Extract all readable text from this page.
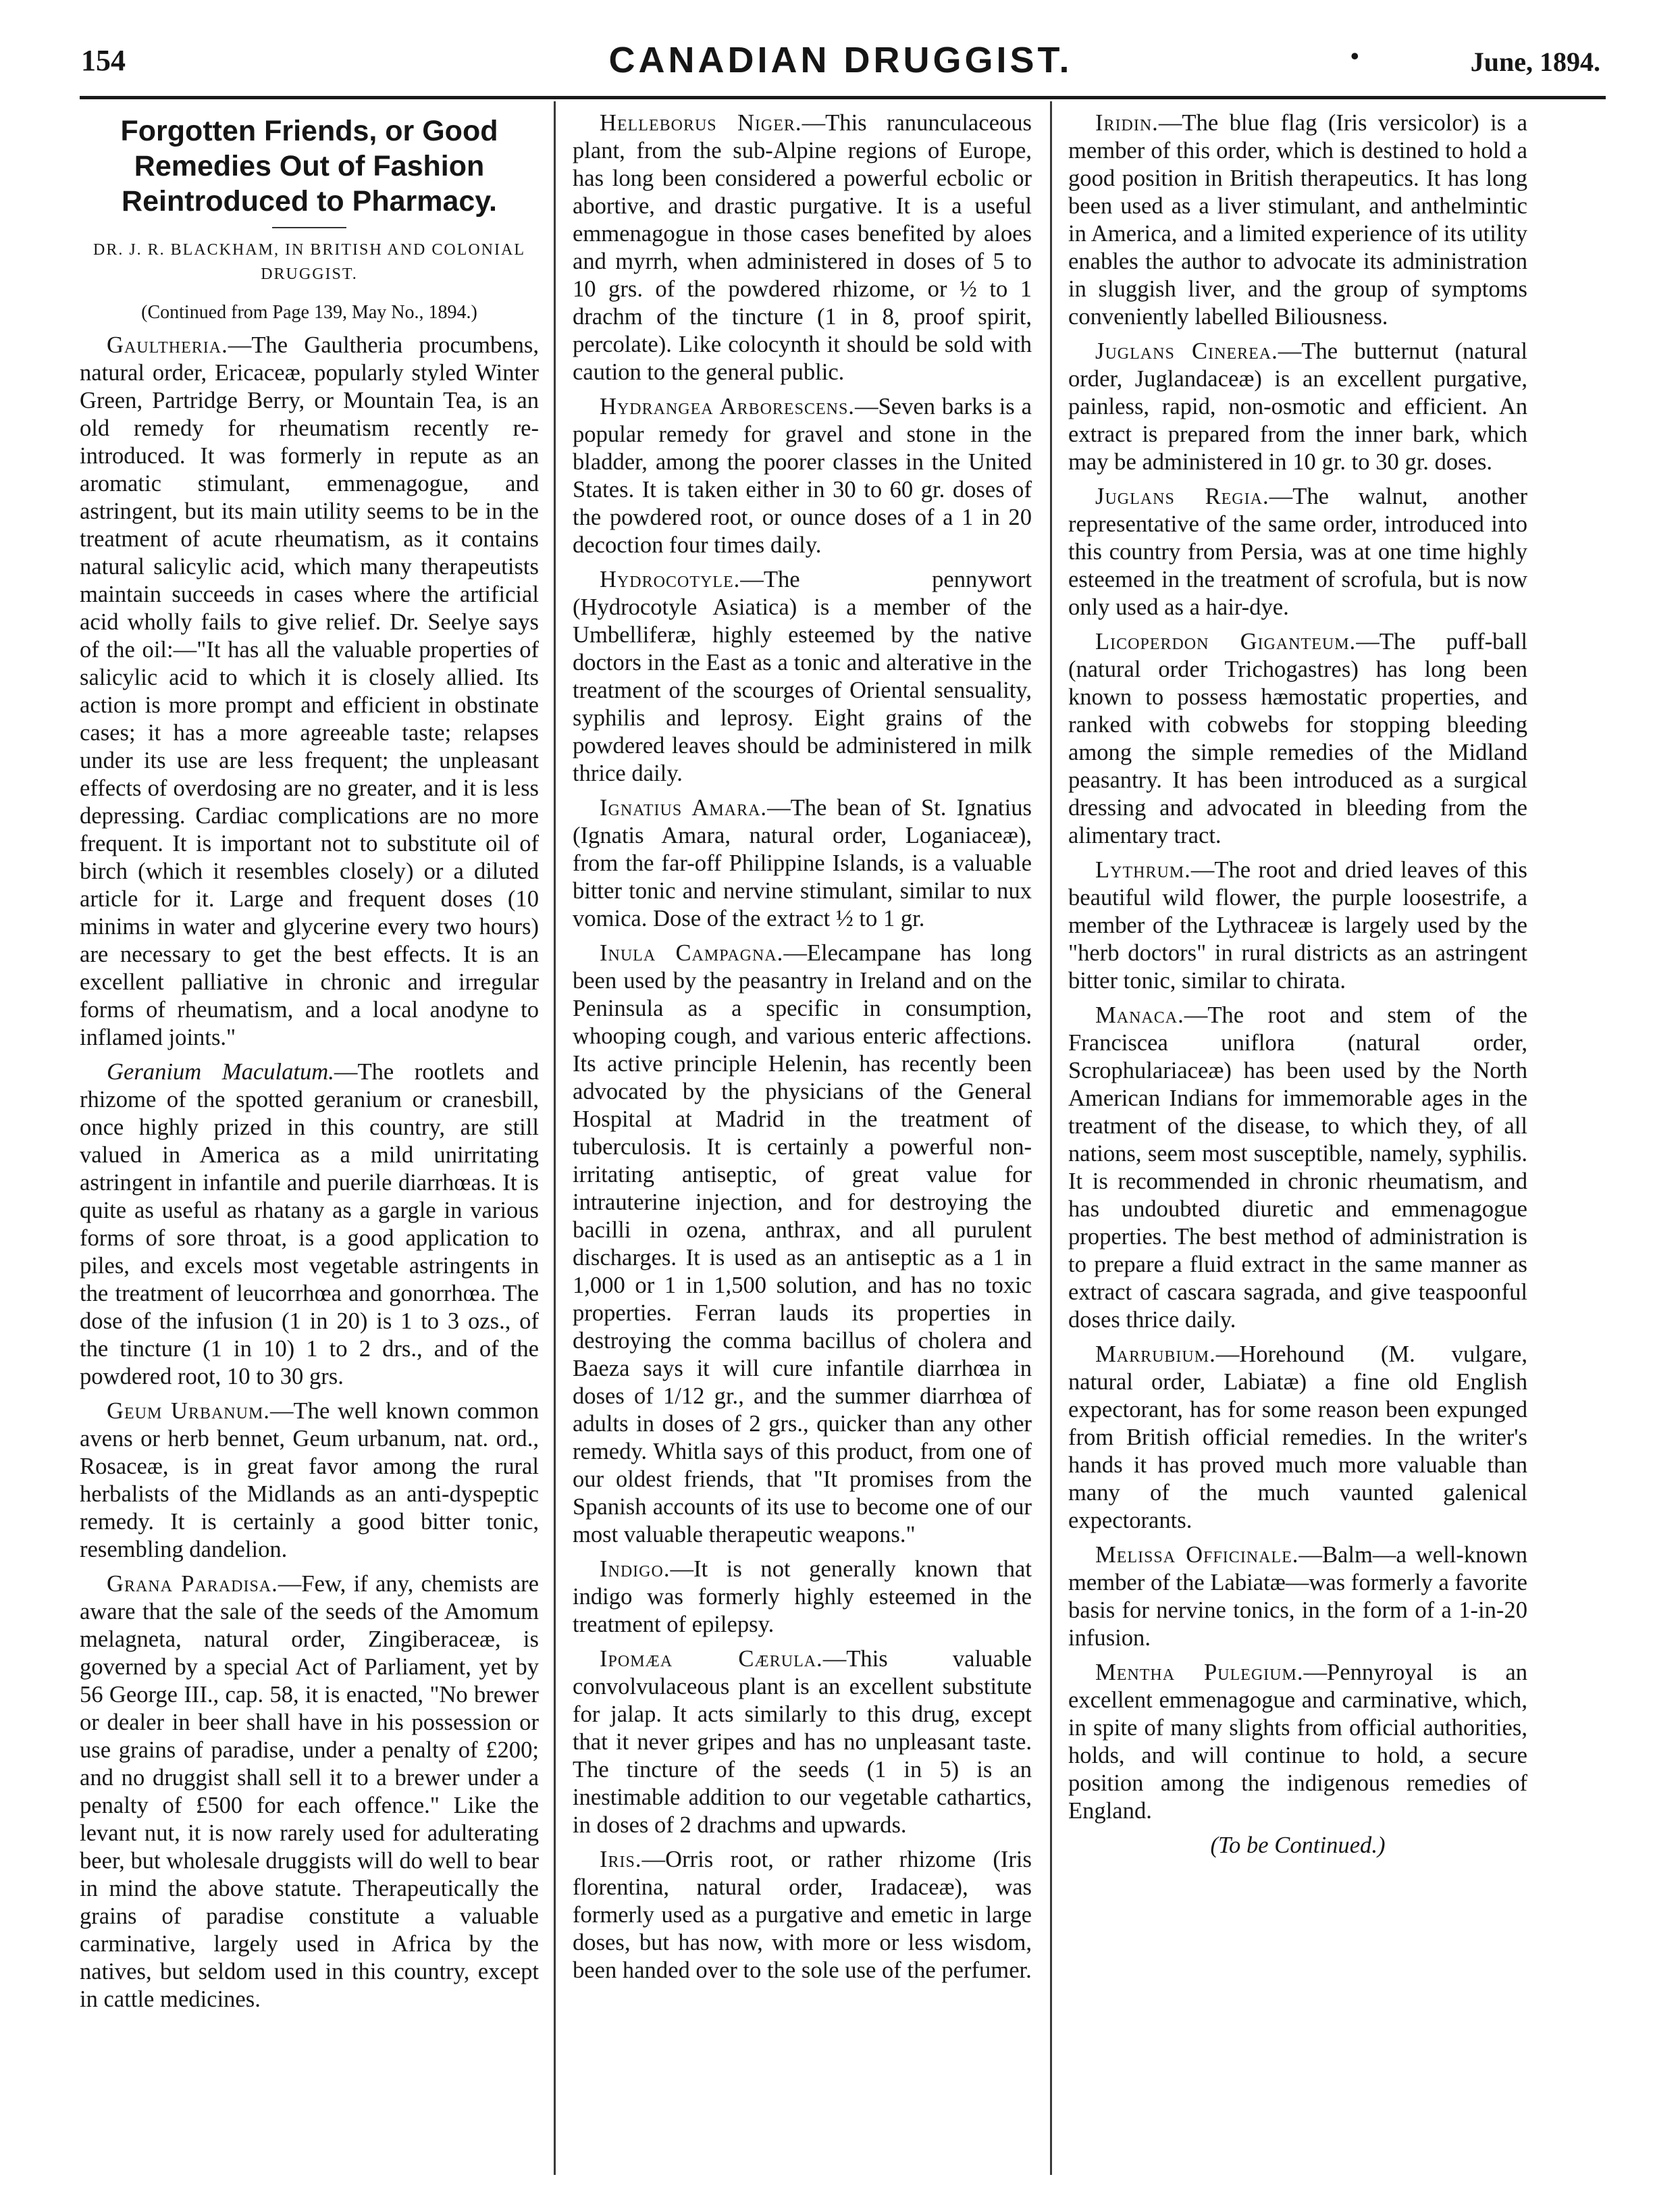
154	CANADIAN DRUGGIST.	•	June, 1894.
Forgotten Friends, or Good Remedies Out of Fashion Reintroduced to Pharmacy.
DR. J. R. BLACKHAM, IN BRITISH AND COLONIAL DRUGGIST.
(Continued from Page 139, May No., 1894.)

Gaultheria.—The Gaultheria procumbens, natural order, Ericaceæ, popularly styled Winter Green, Partridge Berry, or Mountain Tea, is an old remedy for rheumatism recently re-introduced. It was formerly in repute as an aromatic stimulant, emmenagogue, and astringent, but its main utility seems to be in the treatment of acute rheumatism, as it contains natural salicylic acid, which many therapeutists maintain succeeds in cases where the artificial acid wholly fails to give relief. Dr. Seelye says of the oil:—"It has all the valuable properties of salicylic acid to which it is closely allied. Its action is more prompt and efficient in obstinate cases; it has a more agreeable taste; relapses under its use are less frequent; the unpleasant effects of overdosing are no greater, and it is less depressing. Cardiac complications are no more frequent. It is important not to substitute oil of birch (which it resembles closely) or a diluted article for it. Large and frequent doses (10 minims in water and glycerine every two hours) are necessary to get the best effects. It is an excellent palliative in chronic and irregular forms of rheumatism, and a local anodyne to inflamed joints."

Geranium Maculatum.—The rootlets and rhizome of the spotted geranium or cranesbill, once highly prized in this country, are still valued in America as a mild unirritating astringent in infantile and puerile diarrhœas. It is quite as useful as rhatany as a gargle in various forms of sore throat, is a good application to piles, and excels most vegetable astringents in the treatment of leucorrhœa and gonorrhœa. The dose of the infusion (1 in 20) is 1 to 3 ozs., of the tincture (1 in 10) 1 to 2 drs., and of the powdered root, 10 to 30 grs.

Geum Urbanum.—The well known common avens or herb bennet, Geum urbanum, nat. ord., Rosaceæ, is in great favor among the rural herbalists of the Midlands as an anti-dyspeptic remedy. It is certainly a good bitter tonic, resembling dandelion.

Grana Paradisa.—Few, if any, chemists are aware that the sale of the seeds of the Amomum melagneta, natural order, Zingiberaceæ, is governed by a special Act of Parliament, yet by 56 George III., cap. 58, it is enacted, "No brewer or dealer in beer shall have in his possession or use grains of paradise, under a penalty of £200; and no druggist shall sell it to a brewer under a penalty of £500 for each offence." Like the levant nut, it is now rarely used for adulterating beer, but wholesale druggists will do well to bear in mind the above statute. Therapeutically the grains of paradise constitute a valuable carminative, largely used in Africa by the natives, but seldom used in this country, except in cattle medicines.

Helleborus Niger.—This ranunculaceous plant, from the sub-Alpine regions of Europe, has long been considered a powerful ecbolic or abortive, and drastic purgative. It is a useful emmenagogue in those cases benefited by aloes and myrrh, when administered in doses of 5 to 10 grs. of the powdered rhizome, or ½ to 1 drachm of the tincture (1 in 8, proof spirit, percolate). Like colocynth it should be sold with caution to the general public.

Hydrangea Arborescens.—Seven barks is a popular remedy for gravel and stone in the bladder, among the poorer classes in the United States. It is taken either in 30 to 60 gr. doses of the powdered root, or ounce doses of a 1 in 20 decoction four times daily.

Hydrocotyle.—The pennywort (Hydrocotyle Asiatica) is a member of the Umbelliferæ, highly esteemed by the native doctors in the East as a tonic and alterative in the treatment of the scourges of Oriental sensuality, syphilis and leprosy. Eight grains of the powdered leaves should be administered in milk thrice daily.

Ignatius Amara.—The bean of St. Ignatius (Ignatis Amara, natural order, Loganiaceæ), from the far-off Philippine Islands, is a valuable bitter tonic and nervine stimulant, similar to nux vomica. Dose of the extract ½ to 1 gr.

Inula Campagna.—Elecampane has long been used by the peasantry in Ireland and on the Peninsula as a specific in consumption, whooping cough, and various enteric affections. Its active principle Helenin, has recently been advocated by the physicians of the General Hospital at Madrid in the treatment of tuberculosis. It is certainly a powerful non-irritating antiseptic, of great value for intrauterine injection, and for destroying the bacilli in ozena, anthrax, and all purulent discharges. It is used as an antiseptic as a 1 in 1,000 or 1 in 1,500 solution, and has no toxic properties. Ferran lauds its properties in destroying the comma bacillus of cholera and Baeza says it will cure infantile diarrhœa in doses of 1/12 gr., and the summer diarrhœa of adults in doses of 2 grs., quicker than any other remedy. Whitla says of this product, from one of our oldest friends, that "It promises from the Spanish accounts of its use to become one of our most valuable therapeutic weapons."

Indigo.—It is not generally known that indigo was formerly highly esteemed in the treatment of epilepsy.

Ipomæa Cærula.—This valuable convolvulaceous plant is an excellent substitute for jalap. It acts similarly to this drug, except that it never gripes and has no unpleasant taste. The tincture of the seeds (1 in 5) is an inestimable addition to our vegetable cathartics, in doses of 2 drachms and upwards.

Iris.—Orris root, or rather rhizome (Iris florentina, natural order, Iradaceæ), was formerly used as a purgative and emetic in large doses, but has now, with more or less wisdom, been handed over to the sole use of the perfumer.

Iridin.—The blue flag (Iris versicolor) is a member of this order, which is destined to hold a good position in British therapeutics. It has long been used as a liver stimulant, and anthelmintic in America, and a limited experience of its utility enables the author to advocate its administration in sluggish liver, and the group of symptoms conveniently labelled Biliousness.

Juglans Cinerea.—The butternut (natural order, Juglandaceæ) is an excellent purgative, painless, rapid, non-osmotic and efficient. An extract is prepared from the inner bark, which may be administered in 10 gr. to 30 gr. doses.

Juglans Regia.—The walnut, another representative of the same order, introduced into this country from Persia, was at one time highly esteemed in the treatment of scrofula, but is now only used as a hair-dye.

Licoperdon Giganteum.—The puff-ball (natural order Trichogastres) has long been known to possess hæmostatic properties, and ranked with cobwebs for stopping bleeding among the simple remedies of the Midland peasantry. It has been introduced as a surgical dressing and advocated in bleeding from the alimentary tract.

Lythrum.—The root and dried leaves of this beautiful wild flower, the purple loosestrife, a member of the Lythraceæ is largely used by the "herb doctors" in rural districts as an astringent bitter tonic, similar to chirata.

Manaca.—The root and stem of the Franciscea uniflora (natural order, Scrophulariaceæ) has been used by the North American Indians for immemorable ages in the treatment of the disease, to which they, of all nations, seem most susceptible, namely, syphilis. It is recommended in chronic rheumatism, and has undoubted diuretic and emmenagogue properties. The best method of administration is to prepare a fluid extract in the same manner as extract of cascara sagrada, and give teaspoonful doses thrice daily.

Marrubium.—Horehound (M. vulgare, natural order, Labiatæ) a fine old English expectorant, has for some reason been expunged from British official remedies. In the writer's hands it has proved much more valuable than many of the much vaunted galenical expectorants.

Melissa Officinale.—Balm—a well-known member of the Labiatæ—was formerly a favorite basis for nervine tonics, in the form of a 1-in-20 infusion.

Mentha Pulegium.—Pennyroyal is an excellent emmenagogue and carminative, which, in spite of many slights from official authorities, holds, and will continue to hold, a secure position among the indigenous remedies of England.

(To be Continued.)
